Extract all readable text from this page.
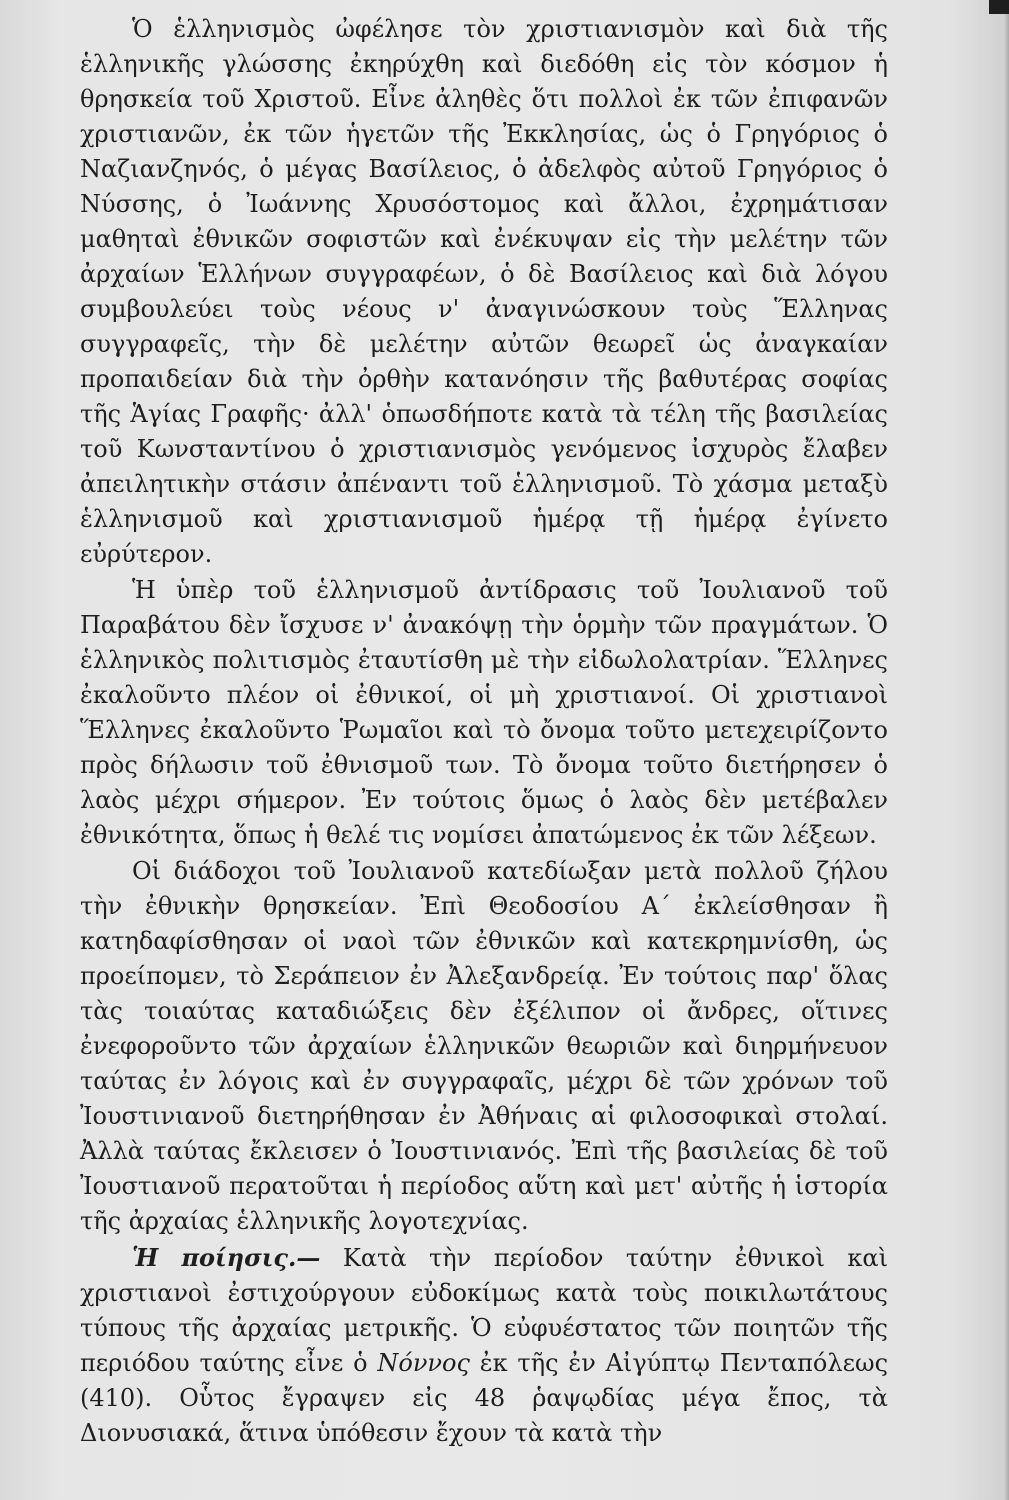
Ὁ ἑλληνισμὸς ὠφέλησε τὸν χριστιανισμὸν καὶ διὰ τῆς ἑλληνικῆς γλώσσης ἐκηρύχθη καὶ διεδόθη εἰς τὸν κόσμον ἡ θρησκεία τοῦ Χριστοῦ. Εἶνε ἀληθὲς ὅτι πολλοὶ ἐκ τῶν ἐπιφανῶν χριστιανῶν, ἐκ τῶν ἡγετῶν τῆς Ἐκκλησίας, ὡς ὁ Γρηγόριος ὁ Ναζιανζηνός, ὁ μέγας Βασίλειος, ὁ ἀδελφὸς αὐτοῦ Γρηγόριος ὁ Νύσσης, ὁ Ἰωάννης Χρυσόστομος καὶ ἄλλοι, ἐχρημάτισαν μαθηταὶ ἐθνικῶν σοφιστῶν καὶ ἐνέκυψαν εἰς τὴν μελέτην τῶν ἀρχαίων Ἑλλήνων συγγραφέων, ὁ δὲ Βασίλειος καὶ διὰ λόγου συμβουλεύει τοὺς νέους ν' ἀναγινώσκουν τοὺς Ἕλληνας συγγραφεῖς, τὴν δὲ μελέτην αὐτῶν θεωρεῖ ὡς ἀναγκαίαν προπαιδείαν διὰ τὴν ὀρθὴν κατανόησιν τῆς βαθυτέρας σοφίας τῆς Ἁγίας Γραφῆς· ἀλλ' ὁπωσδήποτε κατὰ τὰ τέλη τῆς βασιλείας τοῦ Κωνσταντίνου ὁ χριστιανισμὸς γενόμενος ἰσχυρὸς ἔλαβεν ἀπειλητικὴν στάσιν ἀπέναντι τοῦ ἑλληνισμοῦ. Τὸ χάσμα μεταξὺ ἑλληνισμοῦ καὶ χριστιανισμοῦ ἡμέρᾳ τῇ ἡμέρᾳ ἐγίνετο εὐρύτερον.

Ἡ ὑπὲρ τοῦ ἑλληνισμοῦ ἀντίδρασις τοῦ Ἰουλιανοῦ τοῦ Παραβάτου δὲν ἴσχυσε ν' ἀνακόψῃ τὴν ὁρμὴν τῶν πραγμάτων. Ὁ ἑλληνικὸς πολιτισμὸς ἐταυτίσθη μὲ τὴν εἰδωλολατρίαν. Ἕλληνες ἐκαλοῦντο πλέον οἱ ἐθνικοί, οἱ μὴ χριστιανοί. Οἱ χριστιανοὶ Ἕλληνες ἐκαλοῦντο Ῥωμαῖοι καὶ τὸ ὄνομα τοῦτο μετεχειρίζοντο πρὸς δήλωσιν τοῦ ἐθνισμοῦ των. Τὸ ὄνομα τοῦτο διετήρησεν ὁ λαὸς μέχρι σήμερον. Ἐν τούτοις ὅμως ὁ λαὸς δὲν μετέβαλεν ἐθνικότητα, ὅπως ἡ θελέ τις νομίσει ἀπατώμενος ἐκ τῶν λέξεων.

Οἱ διάδοχοι τοῦ Ἰουλιανοῦ κατεδίωξαν μετὰ πολλοῦ ζήλου τὴν ἐθνικὴν θρησκείαν. Ἐπὶ Θεοδοσίου Α΄ ἐκλείσθησαν ἢ κατηδαφίσθησαν οἱ ναοὶ τῶν ἐθνικῶν καὶ κατεκρημνίσθη, ὡς προείπομεν, τὸ Σεράπειον ἐν Ἀλεξανδρείᾳ. Ἐν τούτοις παρ' ὅλας τὰς τοιαύτας καταδιώξεις δὲν ἐξέλιπον οἱ ἄνδρες, οἵτινες ἐνεφοροῦντο τῶν ἀρχαίων ἑλληνικῶν θεωριῶν καὶ διηρμήνευον ταύτας ἐν λόγοις καὶ ἐν συγγραφαῖς, μέχρι δὲ τῶν χρόνων τοῦ Ἰουστινιανοῦ διετηρήθησαν ἐν Ἀθήναις αἱ φιλοσοφικαὶ στολαί. Ἀλλὰ ταύτας ἔκλεισεν ὁ Ἰουστινιανός. Ἐπὶ τῆς βασιλείας δὲ τοῦ Ἰουστιανοῦ περατοῦται ἡ περίοδος αὕτη καὶ μετ' αὐτῆς ἡ ἱστορία τῆς ἀρχαίας ἑλληνικῆς λογοτεχνίας.

Ἡ ποίησις.— Κατὰ τὴν περίοδον ταύτην ἐθνικοὶ καὶ χριστιανοὶ ἐστιχούργουν εὐδοκίμως κατὰ τοὺς ποικιλωτάτους τύπους τῆς ἀρχαίας μετρικῆς. Ὁ εὐφυέστατος τῶν ποιητῶν τῆς περιόδου ταύτης εἶνε ὁ Νόννος ἐκ τῆς ἐν Αἰγύπτῳ Πενταπόλεως (410). Οὗτος ἔγραψεν εἰς 48 ῥαψῳδίας μέγα ἔπος, τὰ Διονυσιακά, ἅτινα ὑπόθεσιν ἔχουν τὰ κατὰ τὴν
